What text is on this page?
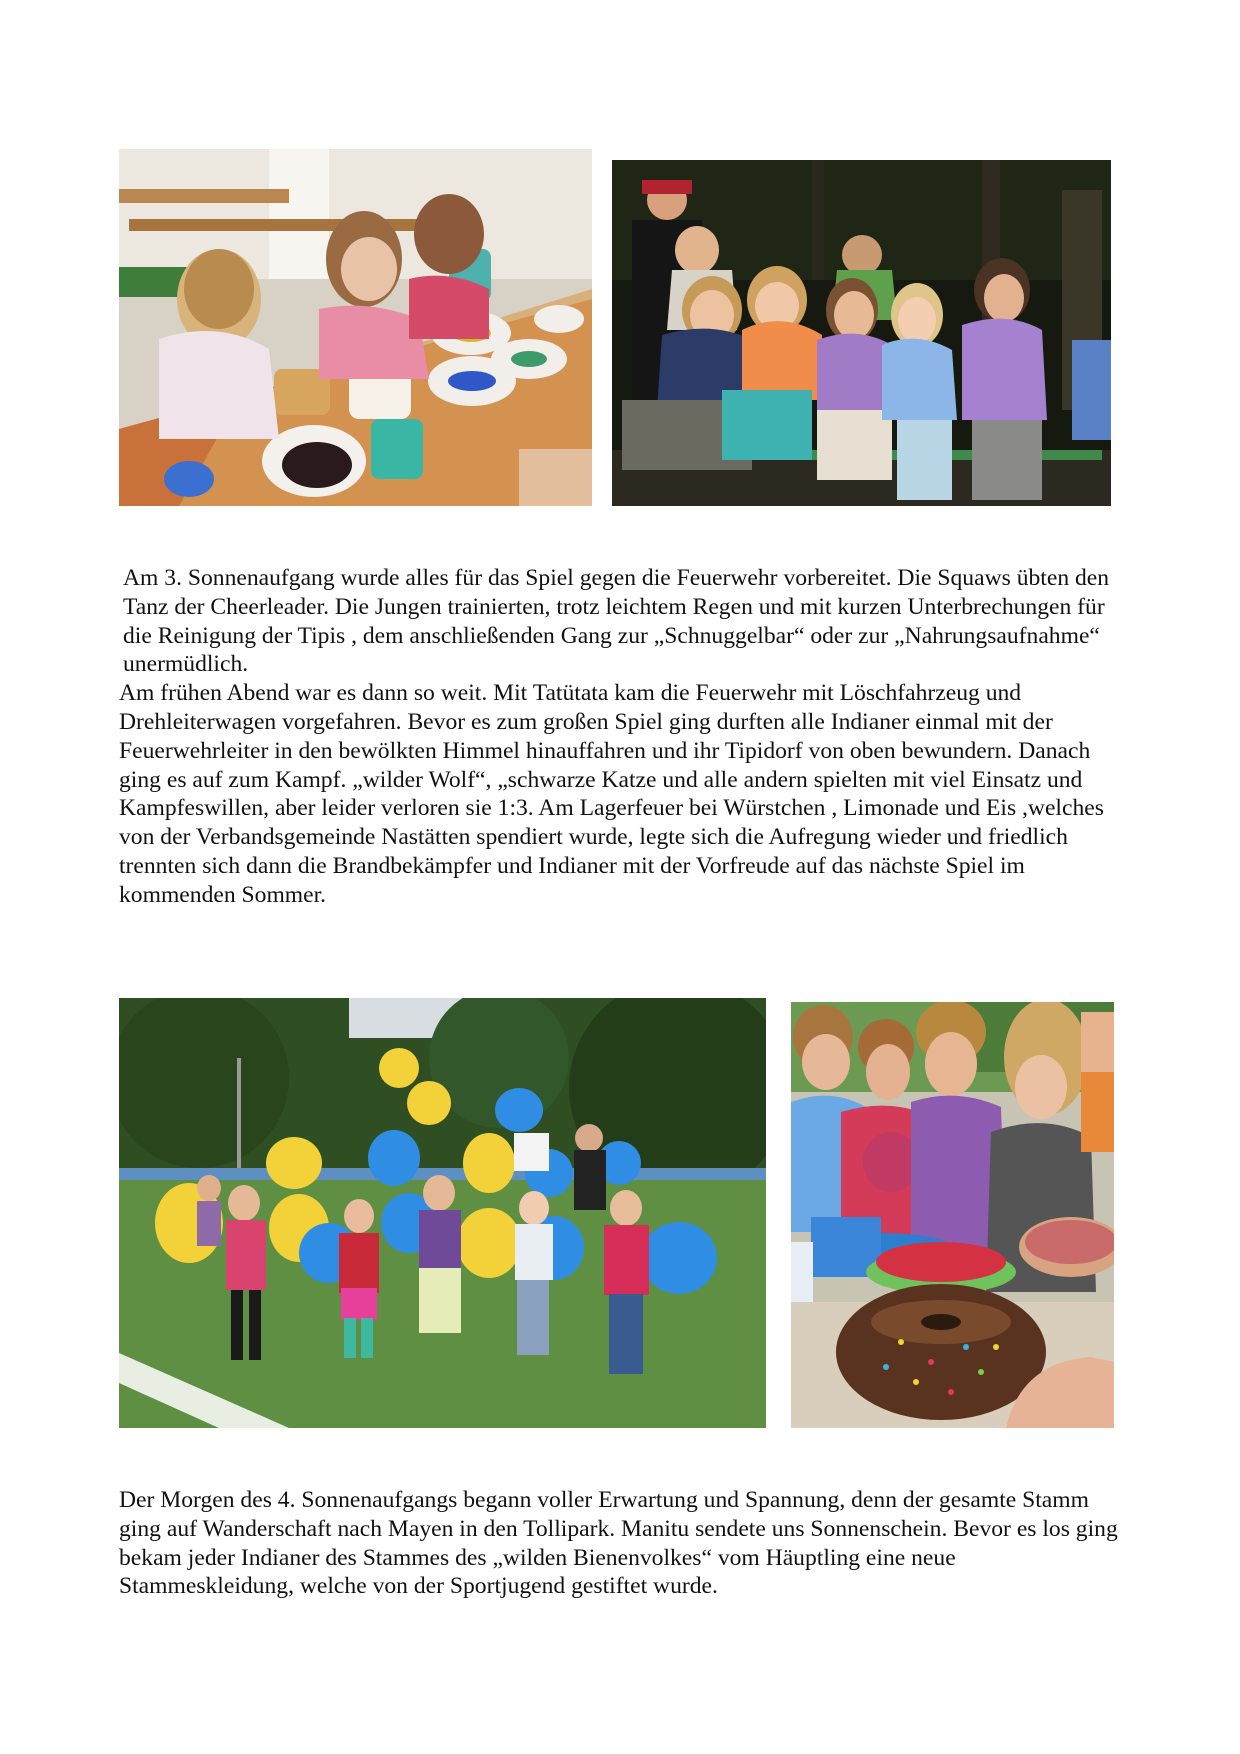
Am 3. Sonnenaufgang wurde alles für das Spiel gegen die Feuerwehr vorbereitet. Die Squaws übten den Tanz der Cheerleader. Die Jungen trainierten, trotz leichtem Regen und mit kurzen Unterbrechungen für die Reinigung der Tipis , dem anschließenden Gang zur „Schnuggelbar“ oder zur „Nahrungsaufnahme“ unermüdlich.

Am frühen Abend war es dann so weit. Mit Tatütata kam die Feuerwehr mit Löschfahrzeug und Drehleiterwagen vorgefahren. Bevor es zum großen Spiel ging durften alle Indianer einmal mit der Feuerwehrleiter in den bewölkten Himmel hinauffahren und ihr Tipidorf von oben bewundern. Danach ging es auf zum Kampf. „wilder Wolf“, „schwarze Katze und alle andern spielten mit viel Einsatz und Kampfeswillen, aber leider verloren sie 1:3. Am Lagerfeuer bei Würstchen , Limonade und Eis ,welches von der Verbandsgemeinde Nastätten spendiert wurde, legte sich die Aufregung wieder und friedlich trennten sich dann die Brandbekämpfer und Indianer mit der Vorfreude auf das nächste Spiel im kommenden Sommer.

Der Morgen des 4. Sonnenaufgangs begann voller Erwartung und Spannung, denn der gesamte Stamm ging auf Wanderschaft nach Mayen in den Tollipark. Manitu sendete uns Sonnenschein. Bevor es los ging bekam jeder Indianer des Stammes des „wilden Bienenvolkes“ vom Häuptling eine neue Stammeskleidung, welche von der Sportjugend gestiftet wurde.
